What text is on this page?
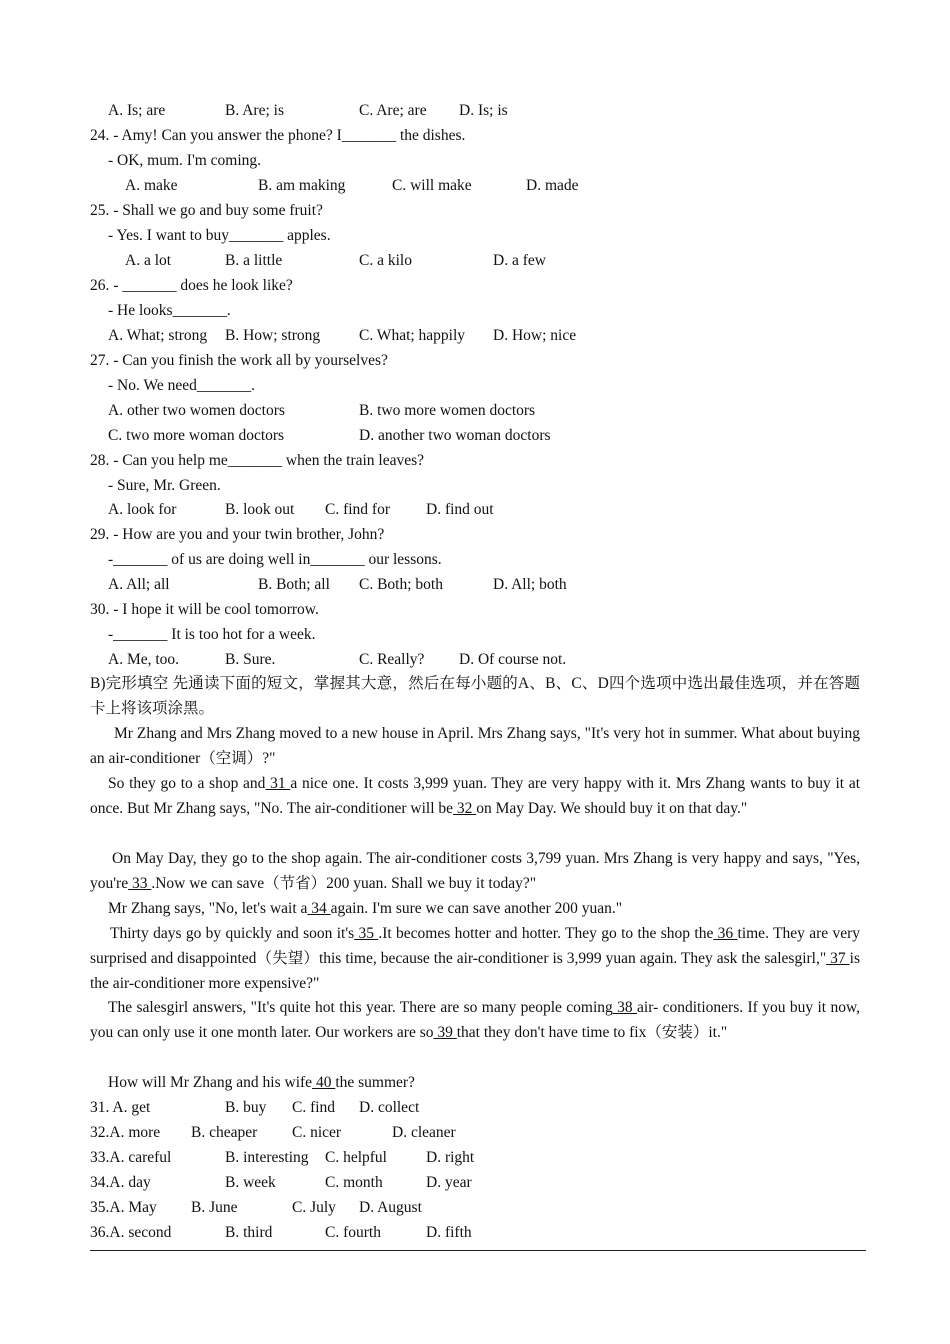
A. Is; are	B. Are; is	C. Are; are D. Is; is
24. - Amy! Can you answer the phone? I_______ the dishes.
- OK, mum. I'm coming.
A. make	B. am making	C. will make	D. made
25. - Shall we go and buy some fruit?
- Yes. I want to buy_______ apples.
A. a lot	B. a little	C. a kilo	D. a few
26. - _______ does he look like?
- He looks_______.
A. What; strong B. How; strong	C. What; happily D. How; nice
27. - Can you finish the work all by yourselves?
- No. We need_______.
A. other two women doctors	B. two more women doctors
C. two more woman doctors	D. another two woman doctors
28. - Can you help me_______ when the train leaves?
- Sure, Mr. Green.
A. look for	B. look out C. find for D. find out
29. - How are you and your twin brother, John?
-_______ of us are doing well in_______ our lessons.
A. All; all	B. Both; all C. Both; both	D. All; both
30. - I hope it will be cool tomorrow.
-_______ It is too hot for a week.
A. Me, too.	B. Sure.	C. Really? D. Of course not.
B)完形填空 先通读下面的短文，掌握其大意，然后在每小题的A、B、C、D四个选项中选出最佳选项，并在答题卡上将该项涂黑。
Mr Zhang and Mrs Zhang moved to a new house in April. Mrs Zhang says, "It's very hot in summer. What about buying an air-conditioner（空调）?"
So they go to a shop and 31 a nice one. It costs 3,999 yuan. They are very happy with it. Mrs Zhang wants to buy it at once. But Mr Zhang says, "No. The air-conditioner will be 32 on May Day. We should buy it on that day."
On May Day, they go to the shop again. The air-conditioner costs 3,799 yuan. Mrs Zhang is very happy and says, "Yes, you're 33 .Now we can save（节省）200 yuan. Shall we buy it today?"
Mr Zhang says, "No, let's wait a 34 again. I'm sure we can save another 200 yuan."
Thirty days go by quickly and soon it's 35 .It becomes hotter and hotter. They go to the shop the 36 time. They are very surprised and disappointed（失望）this time, because the air-conditioner is 3,999 yuan again. They ask the salesgirl," 37 is the air-conditioner more expensive?"
The salesgirl answers, "It's quite hot this year. There are so many people coming 38 air- conditioners. If you buy it now, you can only use it one month later. Our workers are so 39 that they don't have time to fix（安装）it."
How will Mr Zhang and his wife 40 the summer?
31. A. get	B. buy C. find D. collect
32.A. more B. cheaper C. nicer	D. cleaner
33.A. careful	B. interesting C. helpful	D. right
34.A. day	B. week	C. month	D. year
35.A. May B. June	C. July D. August
36.A. second	B. third	C. fourth	D. fifth
